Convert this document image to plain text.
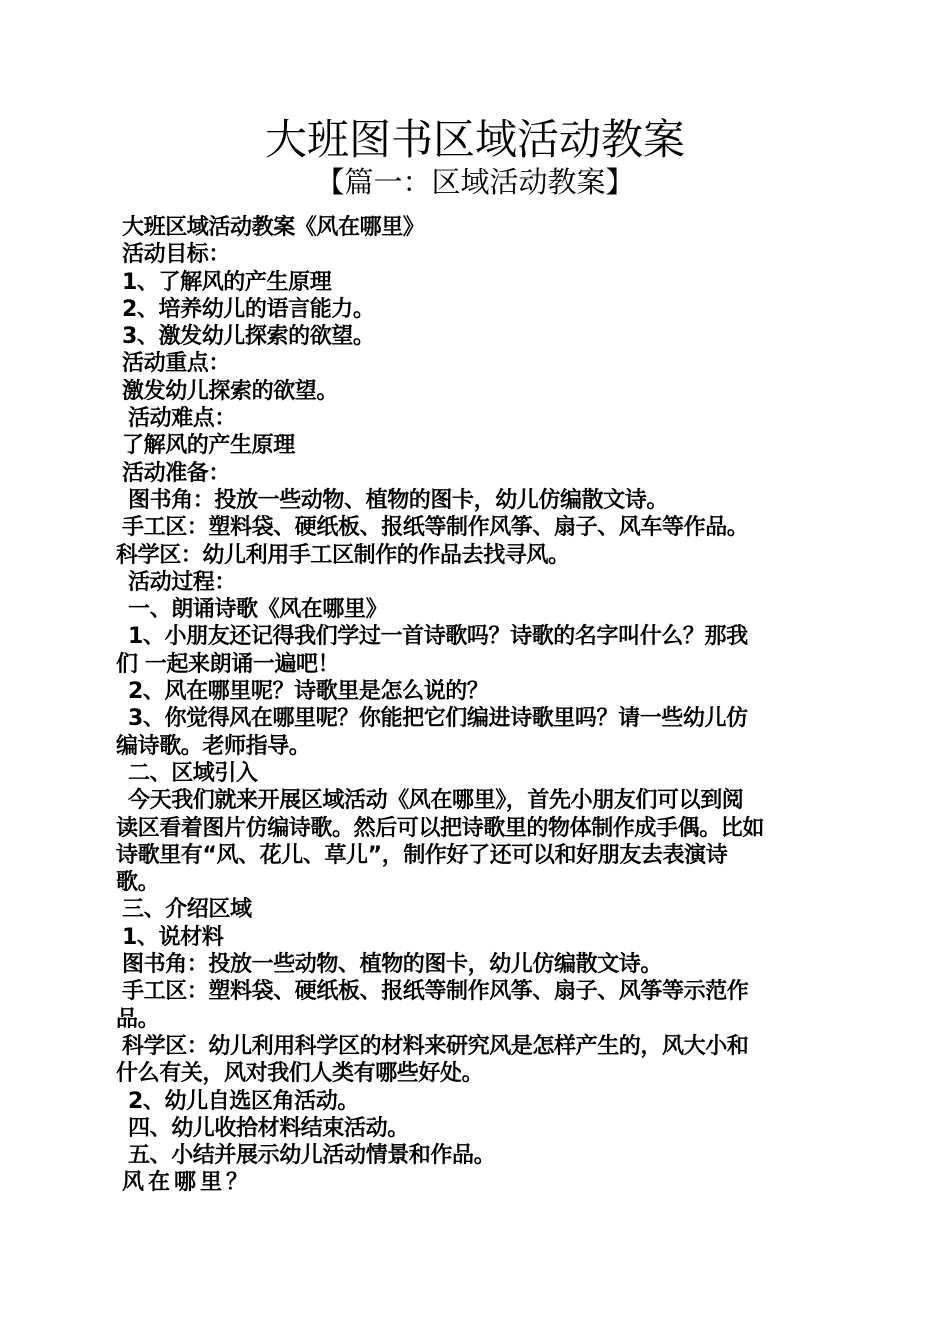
大班图书区域活动教案
【篇一：区域活动教案】
大班区域活动教案《风在哪里》
活动目标：
1、了解风的产生原理
2、培养幼儿的语言能力。
3、激发幼儿探索的欲望。
活动重点：
激发幼儿探索的欲望。
活动难点：
了解风的产生原理
活动准备：
图书角：投放一些动物、植物的图卡，幼儿仿编散文诗。
手工区：塑料袋、硬纸板、报纸等制作风筝、扇子、风车等作品。
科学区：幼儿利用手工区制作的作品去找寻风。
活动过程：
一、朗诵诗歌《风在哪里》
1、小朋友还记得我们学过一首诗歌吗？诗歌的名字叫什么？那我
们 一起来朗诵一遍吧！
2、风在哪里呢？诗歌里是怎么说的？
3、你觉得风在哪里呢？你能把它们编进诗歌里吗？请一些幼儿仿
编诗歌。老师指导。
二、区域引入
今天我们就来开展区域活动《风在哪里》，首先小朋友们可以到阅
读区看着图片仿编诗歌。然后可以把诗歌里的物体制作成手偶。比如
诗歌里有“风、花儿、草儿”，制作好了还可以和好朋友去表演诗
歌。
三、介绍区域
1、说材料
图书角：投放一些动物、植物的图卡，幼儿仿编散文诗。
手工区：塑料袋、硬纸板、报纸等制作风筝、扇子、风筝等示范作
品。
科学区：幼儿利用科学区的材料来研究风是怎样产生的，风大小和
什么有关，风对我们人类有哪些好处。
2、幼儿自选区角活动。
四、幼儿收拾材料结束活动。
五、小结并展示幼儿活动情景和作品。
风在哪里？
